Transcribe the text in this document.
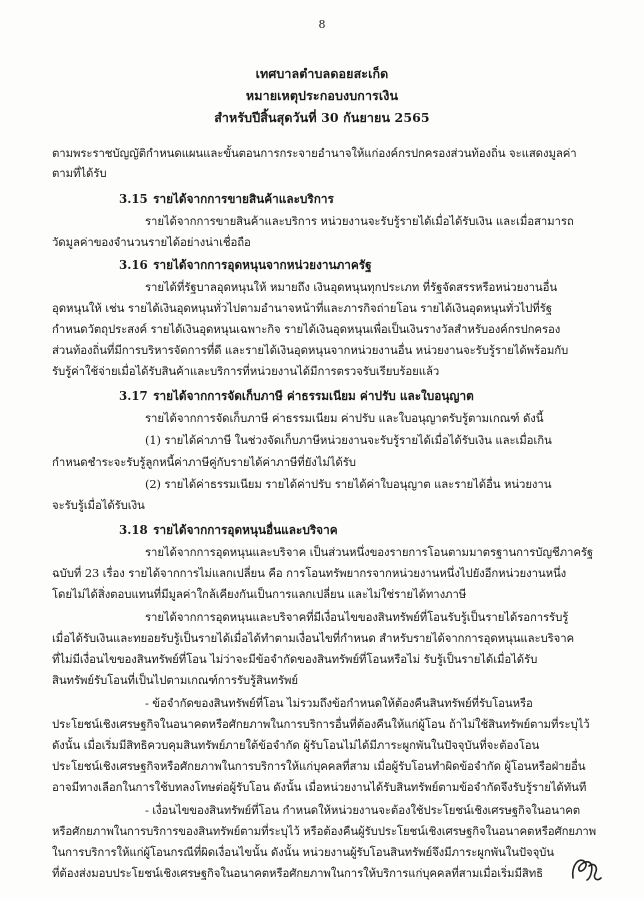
8
เทศบาลตำบลดอยสะเก็ด
หมายเหตุประกอบงบการเงิน
สำหรับปีสิ้นสุดวันที่ 30 กันยายน 2565
ตามพระราชบัญญัติกำหนดแผนและขั้นตอนการกระจายอำนาจให้แก่องค์กรปกครองส่วนท้องถิ่น จะแสดงมูลค่า
ตามที่ได้รับ
3.15 รายได้จากการขายสินค้าและบริการ
รายได้จากการขายสินค้าและบริการ หน่วยงานจะรับรู้รายได้เมื่อได้รับเงิน และเมื่อสามารถ
วัดมูลค่าของจำนวนรายได้อย่างน่าเชื่อถือ
3.16 รายได้จากการอุดหนุนจากหน่วยงานภาครัฐ
รายได้ที่รัฐบาลอุดหนุนให้ หมายถึง เงินอุดหนุนทุกประเภท ที่รัฐจัดสรรหรือหน่วยงานอื่น
อุดหนุนให้ เช่น รายได้เงินอุดหนุนทั่วไปตามอำนาจหน้าที่และภารกิจถ่ายโอน รายได้เงินอุดหนุนทั่วไปที่รัฐ
กำหนดวัตถุประสงค์ รายได้เงินอุดหนุนเฉพาะกิจ รายได้เงินอุดหนุนเพื่อเป็นเงินรางวัลสำหรับองค์กรปกครอง
ส่วนท้องถิ่นที่มีการบริหารจัดการที่ดี และรายได้เงินอุดหนุนจากหน่วยงานอื่น หน่วยงานจะรับรู้รายได้พร้อมกับ
รับรู้ค่าใช้จ่ายเมื่อได้รับสินค้าและบริการที่หน่วยงานได้มีการตรวจรับเรียบร้อยแล้ว
3.17 รายได้จากการจัดเก็บภาษี ค่าธรรมเนียม ค่าปรับ และใบอนุญาต
รายได้จากการจัดเก็บภาษี ค่าธรรมเนียม ค่าปรับ และใบอนุญาตรับรู้ตามเกณฑ์ ดังนี้
(1) รายได้ค่าภาษี ในช่วงจัดเก็บภาษีหน่วยงานจะรับรู้รายได้เมื่อได้รับเงิน และเมื่อเกิน
กำหนดชำระจะรับรู้ลูกหนี้ค่าภาษีคู่กับรายได้ค่าภาษีที่ยังไม่ได้รับ
(2) รายได้ค่าธรรมเนียม รายได้ค่าปรับ รายได้ค่าใบอนุญาต และรายได้อื่น หน่วยงาน
จะรับรู้เมื่อได้รับเงิน
3.18 รายได้จากการอุดหนุนอื่นและบริจาค
รายได้จากการอุดหนุนและบริจาค เป็นส่วนหนึ่งของรายการโอนตามมาตรฐานการบัญชีภาครัฐ
ฉบับที่ 23 เรื่อง รายได้จากการไม่แลกเปลี่ยน คือ การโอนทรัพยากรจากหน่วยงานหนึ่งไปยังอีกหน่วยงานหนึ่ง
โดยไม่ได้สิ่งตอบแทนที่มีมูลค่าใกล้เคียงกันเป็นการแลกเปลี่ยน และไม่ใช่รายได้ทางภาษี
รายได้จากการอุดหนุนและบริจาคที่มีเงื่อนไขของสินทรัพย์ที่โอนรับรู้เป็นรายได้รอการรับรู้
เมื่อได้รับเงินและทยอยรับรู้เป็นรายได้เมื่อได้ทำตามเงื่อนไขที่กำหนด สำหรับรายได้จากการอุดหนุนและบริจาค
ที่ไม่มีเงื่อนไขของสินทรัพย์ที่โอน ไม่ว่าจะมีข้อจำกัดของสินทรัพย์ที่โอนหรือไม่ รับรู้เป็นรายได้เมื่อได้รับ
สินทรัพย์รับโอนที่เป็นไปตามเกณฑ์การรับรู้สินทรัพย์
- ข้อจำกัดของสินทรัพย์ที่โอน ไม่รวมถึงข้อกำหนดให้ต้องคืนสินทรัพย์ที่รับโอนหรือ
ประโยชน์เชิงเศรษฐกิจในอนาคตหรือศักยภาพในการบริการอื่นที่ต้องคืนให้แก่ผู้โอน ถ้าไม่ใช้สินทรัพย์ตามที่ระบุไว้
ดังนั้น เมื่อเริ่มมีสิทธิควบคุมสินทรัพย์ภายใต้ข้อจำกัด ผู้รับโอนไม่ได้มีภาระผูกพันในปัจจุบันที่จะต้องโอน
ประโยชน์เชิงเศรษฐกิจหรือศักยภาพในการบริการให้แก่บุคคลที่สาม เมื่อผู้รับโอนทำผิดข้อจำกัด ผู้โอนหรือฝ่ายอื่น
อาจมีทางเลือกในการใช้บทลงโทษต่อผู้รับโอน ดังนั้น เมื่อหน่วยงานได้รับสินทรัพย์ตามข้อจำกัดจึงรับรู้รายได้ทันที
- เงื่อนไขของสินทรัพย์ที่โอน กำหนดให้หน่วยงานจะต้องใช้ประโยชน์เชิงเศรษฐกิจในอนาคต
หรือศักยภาพในการบริการของสินทรัพย์ตามที่ระบุไว้ หรือต้องคืนผู้รับประโยชน์เชิงเศรษฐกิจในอนาคตหรือศักยภาพ
ในการบริการให้แก่ผู้โอนกรณีที่ผิดเงื่อนไขนั้น ดังนั้น หน่วยงานผู้รับโอนสินทรัพย์จึงมีภาระผูกพันในปัจจุบัน
ที่ต้องส่งมอบประโยชน์เชิงเศรษฐกิจในอนาคตหรือศักยภาพในการให้บริการแก่บุคคลที่สามเมื่อเริ่มมีสิทธิ
